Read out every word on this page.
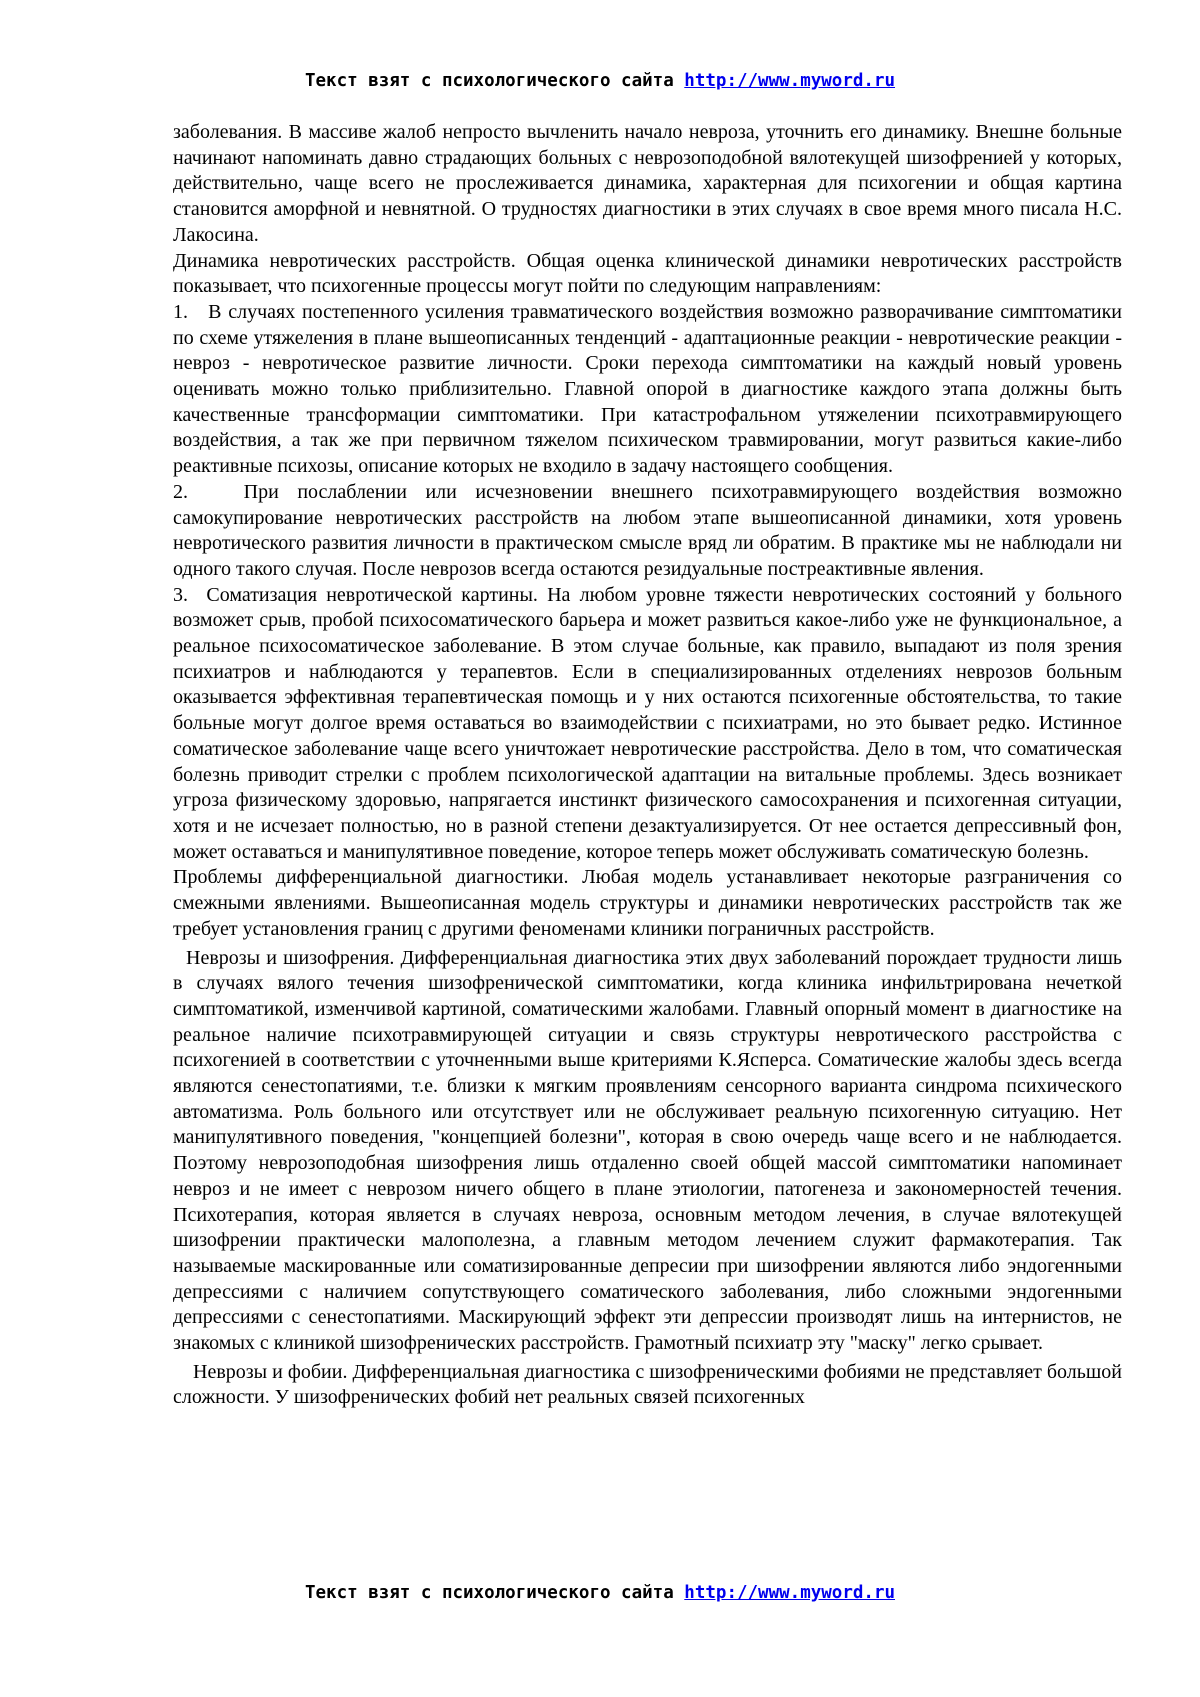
Текст взят с психологического сайта http://www.myword.ru

заболевания. В массиве жалоб непросто вычленить начало невроза, уточнить его динамику. Внешне больные начинают напоминать давно страдающих больных с неврозоподобной вялотекущей шизофренией у которых, действительно, чаще всего не прослеживается динамика, характерная для психогении и общая картина становится аморфной и невнятной. О трудностях диагностики в этих случаях в свое время много писала Н.С. Лакосина.

Динамика невротических расстройств. Общая оценка клинической динамики невротических расстройств показывает, что психогенные процессы могут пойти по следующим направлениям:

1.   В случаях постепенного усиления травматического воздействия возможно разворачивание симптоматики по схеме утяжеления в плане вышеописанных тенденций - адаптационные реакции - невротические реакции - невроз - невротическое развитие личности. Сроки перехода симптоматики на каждый новый уровень оценивать можно только приблизительно. Главной опорой в диагностике каждого этапа должны быть качественные трансформации симптоматики. При катастрофальном утяжелении психотравмирующего воздействия, а так же при первичном тяжелом психическом травмировании, могут развиться какие-либо реактивные психозы, описание которых не входило в задачу настоящего сообщения.

2.   При послаблении или исчезновении внешнего психотравмирующего воздействия возможно самокупирование невротических расстройств на любом этапе вышеописанной динамики, хотя уровень невротического развития личности в практическом смысле вряд ли обратим. В практике мы не наблюдали ни одного такого случая. После неврозов всегда остаются резидуальные постреактивные явления.

3.  Соматизация невротической картины. На любом уровне тяжести невротических состояний у больного возможет срыв, пробой психосоматического барьера и может развиться какое-либо уже не функциональное, а реальное психосоматическое заболевание. В этом случае больные, как правило, выпадают из поля зрения психиатров и наблюдаются у терапевтов. Если в специализированных отделениях неврозов больным оказывается эффективная терапевтическая помощь и у них остаются психогенные обстоятельства, то такие больные могут долгое время оставаться во взаимодействии с психиатрами, но это бывает редко. Истинное соматическое заболевание чаще всего уничтожает невротические расстройства. Дело в том, что соматическая болезнь приводит стрелки с проблем психологической адаптации на витальные проблемы. Здесь возникает угроза физическому здоровью, напрягается инстинкт физического самосохранения и психогенная ситуации, хотя и не исчезает полностью, но в разной степени дезактуализируется. От нее остается депрессивный фон, может оставаться и манипулятивное поведение, которое теперь может обслуживать соматическую болезнь.

Проблемы дифференциальной диагностики. Любая модель устанавливает некоторые разграничения со смежными явлениями. Вышеописанная модель структуры и динамики невротических расстройств так же требует установления границ с другими феноменами клиники пограничных расстройств.

Неврозы и шизофрения. Дифференциальная диагностика этих двух заболеваний порождает трудности лишь в случаях вялого течения шизофренической симптоматики, когда клиника инфильтрирована нечеткой симптоматикой, изменчивой картиной, соматическими жалобами. Главный опорный момент в диагностике на реальное наличие психотравмирующей ситуации и связь структуры невротического расстройства с психогенией в соответствии с уточненными выше критериями К.Ясперса. Соматические жалобы здесь всегда являются сенестопатиями, т.е. близки к мягким проявлениям сенсорного варианта синдрома психического автоматизма. Роль больного или отсутствует или не обслуживает реальную психогенную ситуацию. Нет манипулятивного поведения, "концепцией болезни", которая в свою очередь чаще всего и не наблюдается. Поэтому неврозоподобная шизофрения лишь отдаленно своей общей массой симптоматики напоминает невроз и не имеет с неврозом ничего общего в плане этиологии, патогенеза и закономерностей течения. Психотерапия, которая является в случаях невроза, основным методом лечения, в случае вялотекущей шизофрении практически малополезна, а главным методом лечением служит фармакотерапия. Так называемые маскированные или соматизированные депресии при шизофрении являются либо эндогенными депрессиями с наличием сопутствующего соматического заболевания, либо сложными эндогенными депрессиями с сенестопатиями. Маскирующий эффект эти депрессии производят лишь на интернистов, не знакомых с клиникой шизофренических расстройств. Грамотный психиатр эту "маску" легко срывает.

Неврозы и фобии. Дифференциальная диагностика с шизофреническими фобиями не представляет большой сложности. У шизофренических фобий нет реальных связей психогенных

Текст взят с психологического сайта http://www.myword.ru
